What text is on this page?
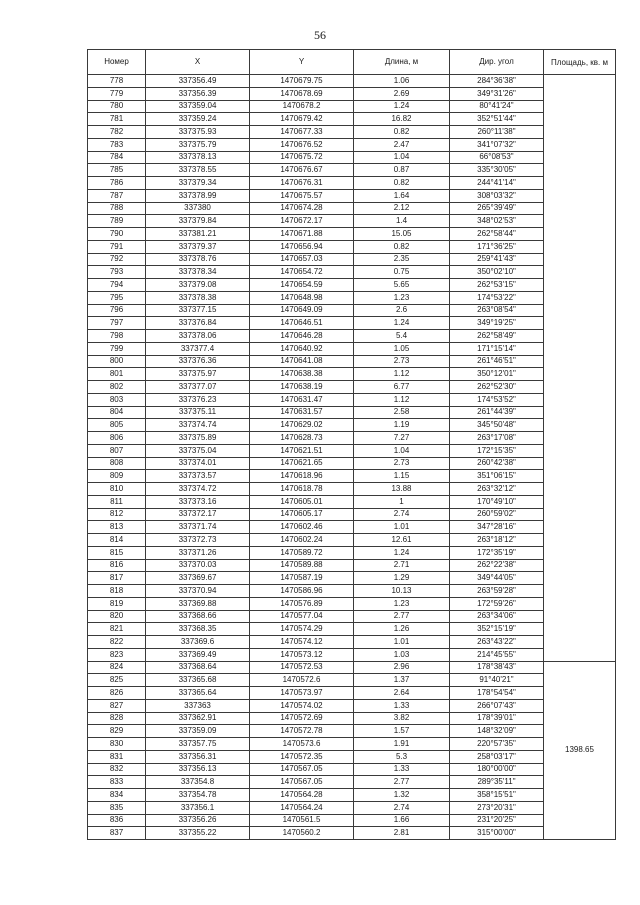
56
Номер	X	Y	Длина, м	Дир. угол	Площадь, кв. м
778	337356.49	1470679.75	1.06	284°36'38"	
779	337356.39	1470678.69	2.69	349°31'26"	
780	337359.04	1470678.2	1.24	80°41'24"	
781	337359.24	1470679.42	16.82	352°51'44"	
782	337375.93	1470677.33	0.82	260°11'38"	
783	337375.79	1470676.52	2.47	341°07'32"	
784	337378.13	1470675.72	1.04	66°08'53"	
785	337378.55	1470676.67	0.87	335°30'05"	
786	337379.34	1470676.31	0.82	244°41'14"	
787	337378.99	1470675.57	1.64	308°03'32"	
788	337380	1470674.28	2.12	265°39'49"	
789	337379.84	1470672.17	1.4	348°02'53"	
790	337381.21	1470671.88	15.05	262°58'44"	
791	337379.37	1470656.94	0.82	171°36'25"	
792	337378.76	1470657.03	2.35	259°41'43"	
793	337378.34	1470654.72	0.75	350°02'10"	
794	337379.08	1470654.59	5.65	262°53'15"	
795	337378.38	1470648.98	1.23	174°53'22"	
796	337377.15	1470649.09	2.6	263°08'54"	
797	337376.84	1470646.51	1.24	349°19'25"	
798	337378.06	1470646.28	5.4	262°58'49"	
799	337377.4	1470640.92	1.05	171°15'14"	
800	337376.36	1470641.08	2.73	261°46'51"	
801	337375.97	1470638.38	1.12	350°12'01"	
802	337377.07	1470638.19	6.77	262°52'30"	
803	337376.23	1470631.47	1.12	174°53'52"	
804	337375.11	1470631.57	2.58	261°44'39"	
805	337374.74	1470629.02	1.19	345°50'48"	
806	337375.89	1470628.73	7.27	263°17'08"	
807	337375.04	1470621.51	1.04	172°15'35"	
808	337374.01	1470621.65	2.73	260°42'38"	
809	337373.57	1470618.96	1.15	351°06'15"	
810	337374.72	1470618.78	13.88	263°32'12"	
811	337373.16	1470605.01	1	170°49'10"	
812	337372.17	1470605.17	2.74	260°59'02"	
813	337371.74	1470602.46	1.01	347°28'16"	
814	337372.73	1470602.24	12.61	263°18'12"	
815	337371.26	1470589.72	1.24	172°35'19"	
816	337370.03	1470589.88	2.71	262°22'38"	
817	337369.67	1470587.19	1.29	349°44'05"	
818	337370.94	1470586.96	10.13	263°59'28"	
819	337369.88	1470576.89	1.23	172°59'26"	
820	337368.66	1470577.04	2.77	263°34'06"	
821	337368.35	1470574.29	1.26	352°15'19"	
822	337369.6	1470574.12	1.01	263°43'22"	
823	337369.49	1470573.12	1.03	214°45'55"	
824	337368.64	1470572.53	2.96	178°38'43"	1398.65
825	337365.68	1470572.6	1.37	91°40'21"	
826	337365.64	1470573.97	2.64	178°54'54"	
827	337363	1470574.02	1.33	266°07'43"	
828	337362.91	1470572.69	3.82	178°39'01"	
829	337359.09	1470572.78	1.57	148°32'09"	
830	337357.75	1470573.6	1.91	220°57'35"	
831	337356.31	1470572.35	5.3	258°03'17"	
832	337356.13	1470567.05	1.33	180°00'00"	
833	337354.8	1470567.05	2.77	289°35'11"	
834	337354.78	1470564.28	1.32	358°15'51"	
835	337356.1	1470564.24	2.74	273°20'31"	
836	337356.26	1470561.5	1.66	231°20'25"	
837	337355.22	1470560.2	2.81	315°00'00"	
